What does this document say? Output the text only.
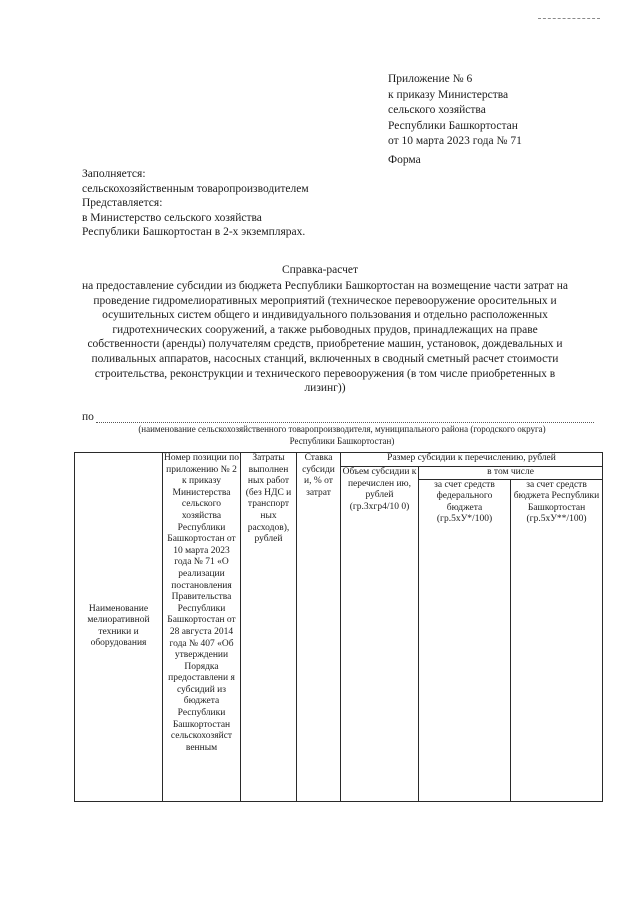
Приложение № 6
к приказу Министерства
сельского хозяйства
Республики Башкортостан
от 10 марта 2023 года № 71
Форма
Заполняется:
сельскохозяйственным товаропроизводителем
Представляется:
в Министерство сельского хозяйства
Республики Башкортостан в 2-х экземплярах.
Справка-расчет
на предоставление субсидии из бюджета Республики Башкортостан на возмещение части затрат на проведение гидромелиоративных мероприятий (техническое перевооружение оросительных и осушительных систем общего и индивидуального пользования и отдельно расположенных гидротехнических сооружений, а также рыбоводных прудов, принадлежащих на праве собственности (аренды) получателям средств, приобретение машин, установок, дождевальных и поливальных аппаратов, насосных станций, включенных в сводный сметный расчет стоимости строительства, реконструкции и технического перевооружения (в том числе приобретенных в лизинг))
по
(наименование сельскохозяйственного товаропроизводителя, муниципального района (городского округа)
Республики Башкортостан)
Наименование мелиоративной техники и оборудования	Номер позиции по приложению № 2 к приказу Министерства сельского хозяйства Республики Башкортостан от 10 марта 2023 года № 71 «О реализации постановления Правительства Республики Башкортостан от 28 августа 2014 года № 407 «Об утверждении Порядка предоставлени я субсидий из бюджета Республики Башкортостан сельскохозяйст венным	Затраты выполнен ных работ (без НДС и транспорт ных расходов), рублей	Ставка субсиди и, % от затрат	Размер субсидии к перечислению, рублей		
				Объем субсидии к перечислен ию, рублей (гр.3хгр4/10 0)	в том числе	
					за счет средств федерального бюджета (гр.5хУ*/100)	за счет средств бюджета Республики Башкортостан (гр.5хУ**/100)
